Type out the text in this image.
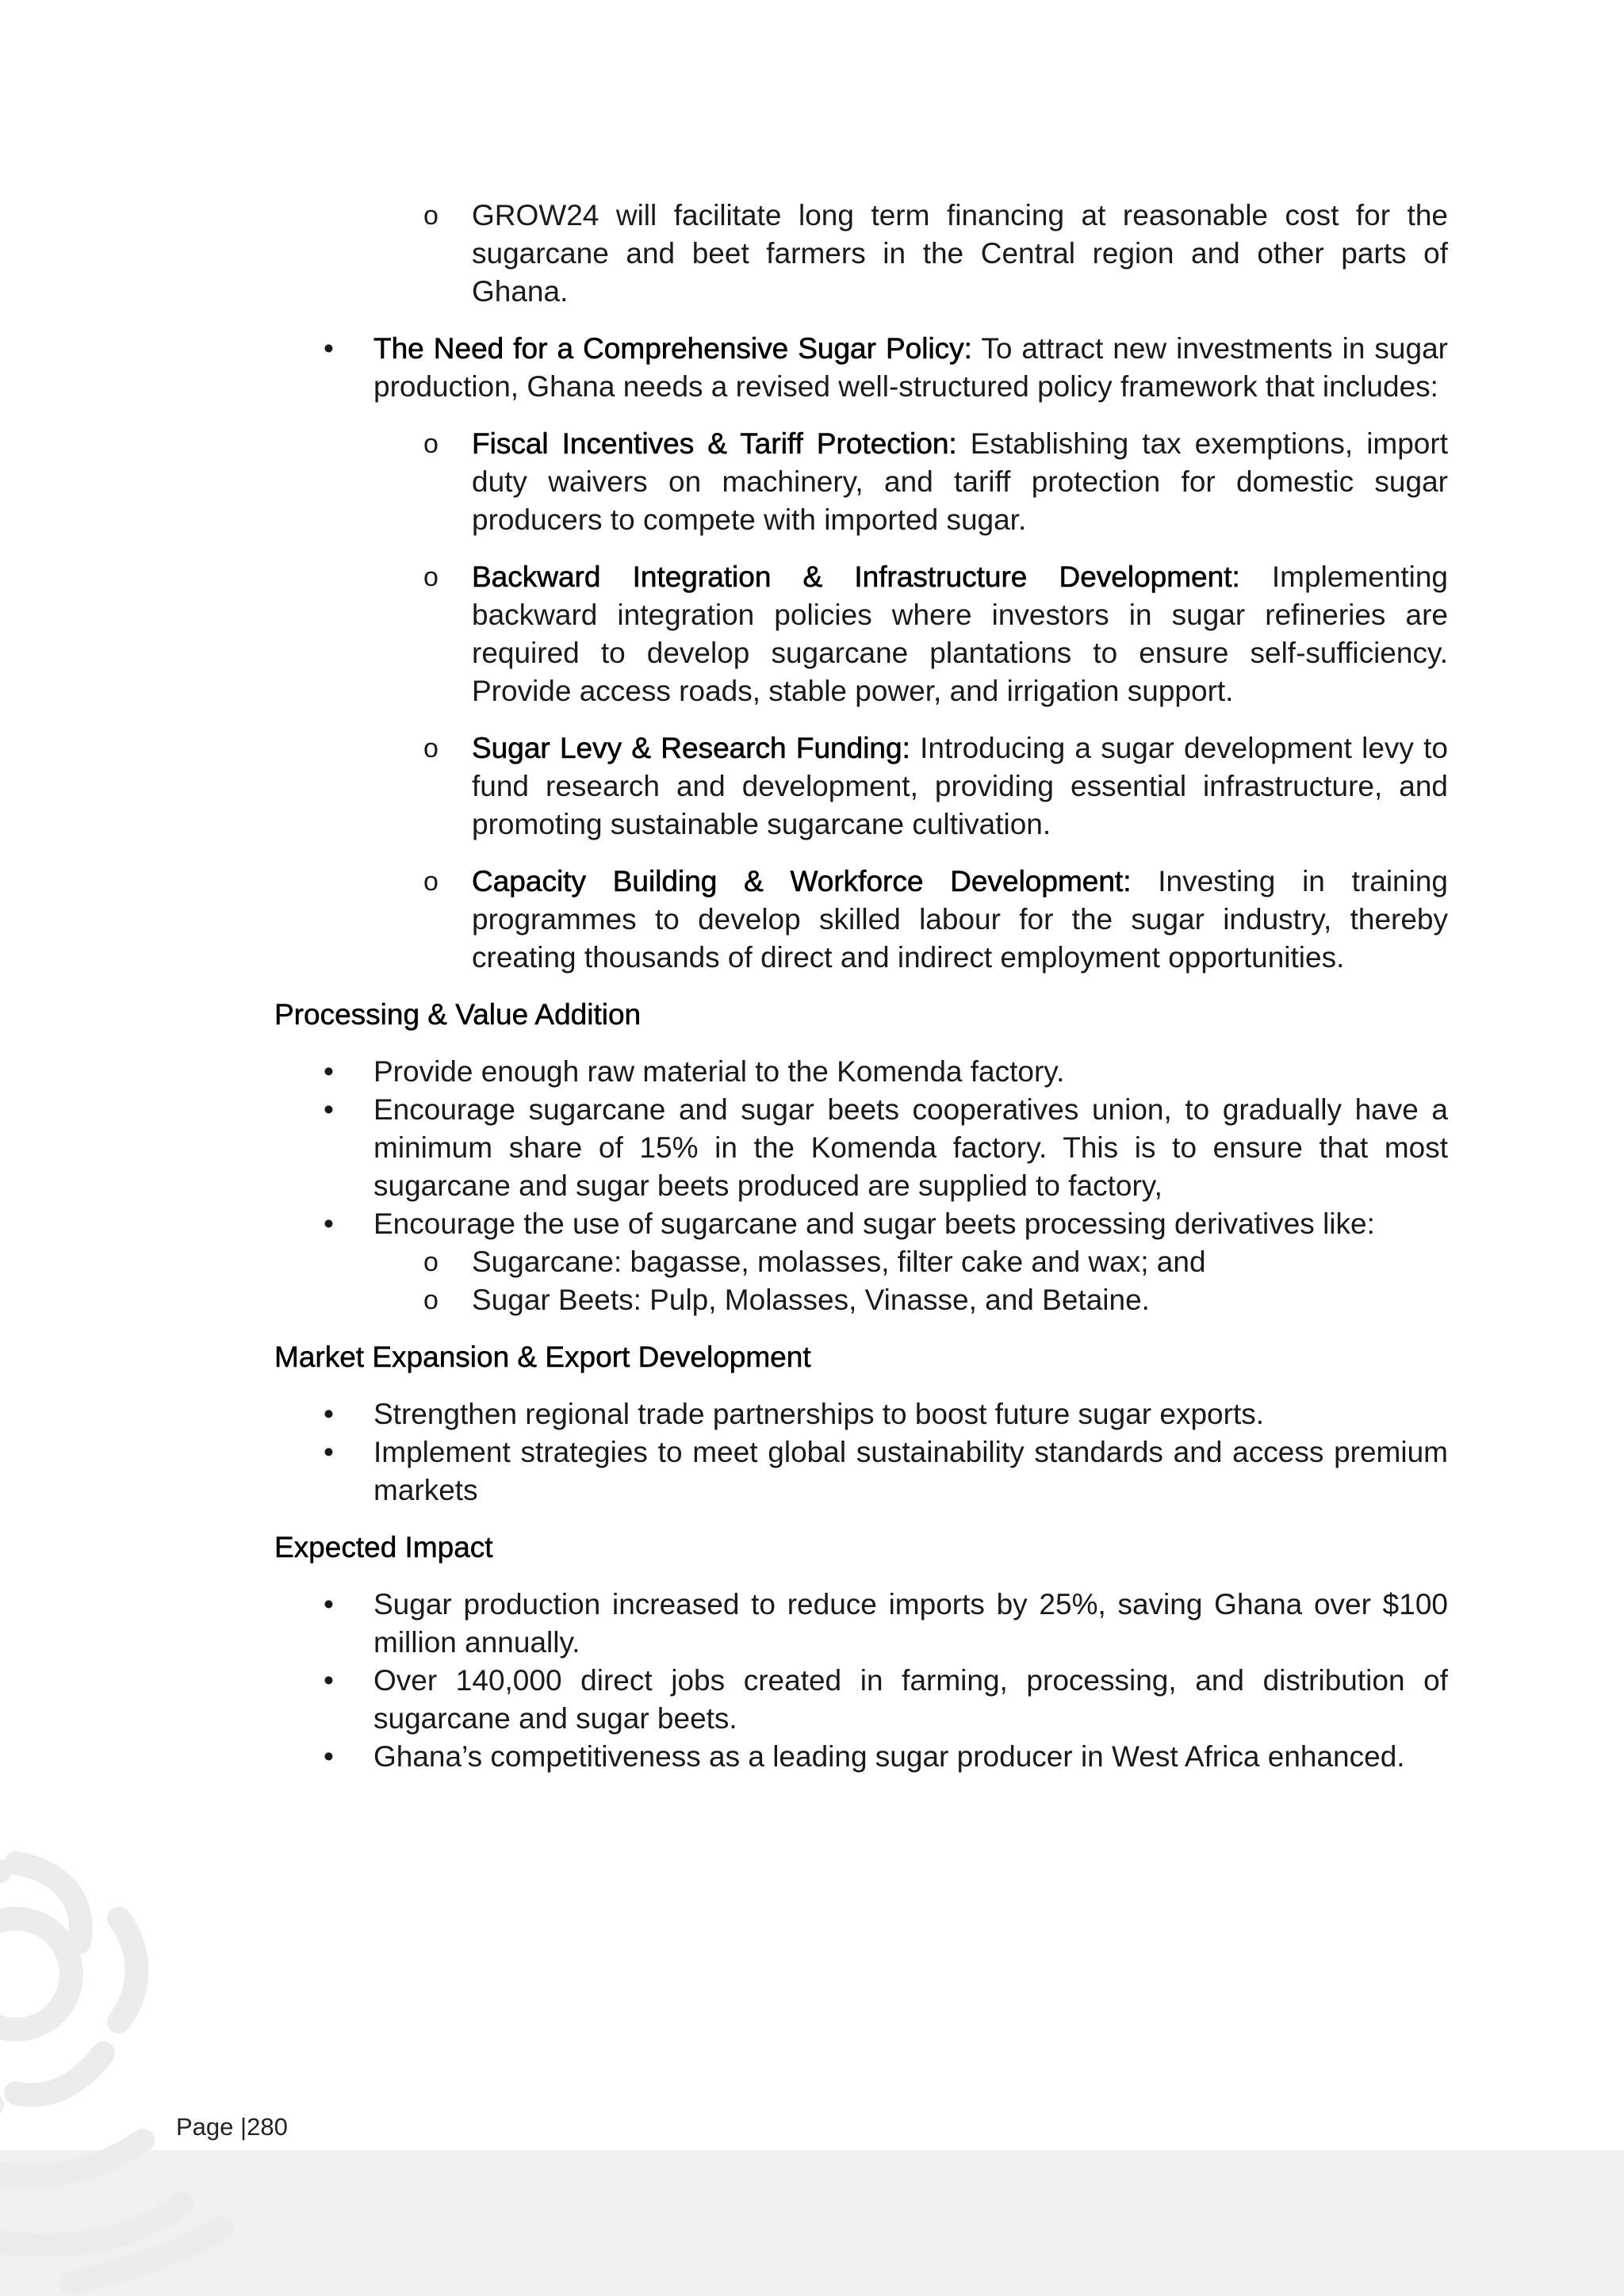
o	GROW24 will facilitate long term financing at reasonable cost for the sugarcane and beet farmers in the Central region and other parts of Ghana.

•	The Need for a Comprehensive Sugar Policy: To attract new investments in sugar production, Ghana needs a revised well-structured policy framework that includes:

o	Fiscal Incentives & Tariff Protection: Establishing tax exemptions, import duty waivers on machinery, and tariff protection for domestic sugar producers to compete with imported sugar.

o	Backward Integration & Infrastructure Development: Implementing backward integration policies where investors in sugar refineries are required to develop sugarcane plantations to ensure self-sufficiency. Provide access roads, stable power, and irrigation support.

o	Sugar Levy & Research Funding: Introducing a sugar development levy to fund research and development, providing essential infrastructure, and promoting sustainable sugarcane cultivation.

o	Capacity Building & Workforce Development: Investing in training programmes to develop skilled labour for the sugar industry, thereby creating thousands of direct and indirect employment opportunities.

Processing & Value Addition

•	Provide enough raw material to the Komenda factory.

•	Encourage sugarcane and sugar beets cooperatives union, to gradually have a minimum share of 15% in the Komenda factory. This is to ensure that most sugarcane and sugar beets produced are supplied to factory,

•	Encourage the use of sugarcane and sugar beets processing derivatives like:

o	Sugarcane: bagasse, molasses, filter cake and wax; and

o	Sugar Beets: Pulp, Molasses, Vinasse, and Betaine.

Market Expansion & Export Development

•	Strengthen regional trade partnerships to boost future sugar exports.

•	Implement strategies to meet global sustainability standards and access premium markets

Expected Impact

•	Sugar production increased to reduce imports by 25%, saving Ghana over $100 million annually.

•	Over 140,000 direct jobs created in farming, processing, and distribution of sugarcane and sugar beets.

•	Ghana’s competitiveness as a leading sugar producer in West Africa enhanced.

Page |280
